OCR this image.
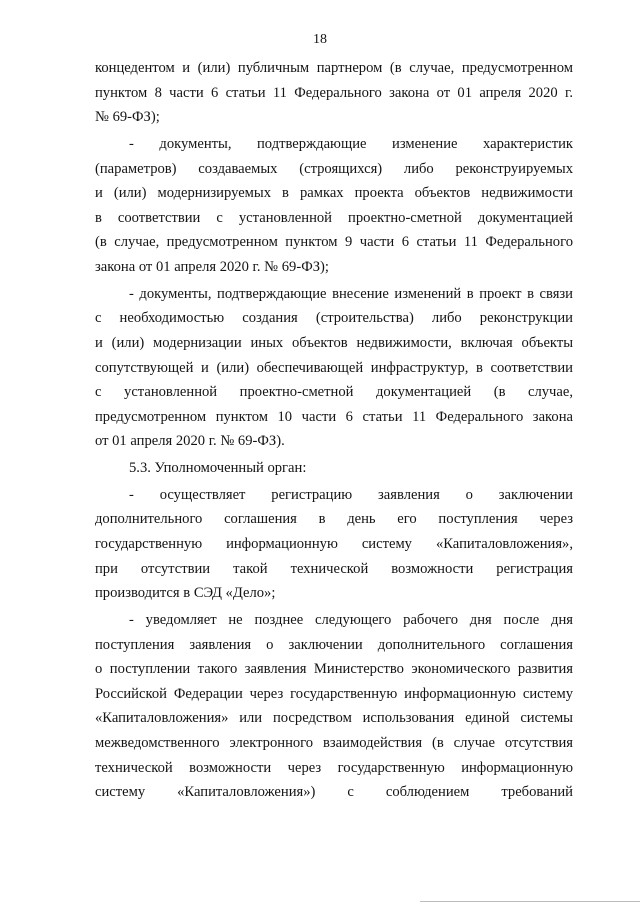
18
концедентом и (или) публичным партнером (в случае, предусмотренном
пунктом 8 части 6 статьи 11 Федерального закона от 01 апреля 2020 г.
№ 69-ФЗ);
- документы, подтверждающие изменение характеристик
(параметров) создаваемых (строящихся) либо реконструируемых
и (или) модернизируемых в рамках проекта объектов недвижимости
в соответствии с установленной проектно-сметной документацией
(в случае, предусмотренном пунктом 9 части 6 статьи 11 Федерального
закона от 01 апреля 2020 г. № 69-ФЗ);
- документы, подтверждающие внесение изменений в проект в связи
с необходимостью создания (строительства) либо реконструкции
и (или) модернизации иных объектов недвижимости, включая объекты
сопутствующей и (или) обеспечивающей инфраструктур, в соответствии
с установленной проектно-сметной документацией (в случае,
предусмотренном пунктом 10 части 6 статьи 11 Федерального закона
от 01 апреля 2020 г. № 69-ФЗ).
5.3. Уполномоченный орган:
- осуществляет регистрацию заявления о заключении
дополнительного соглашения в день его поступления через
государственную информационную систему «Капиталовложения»,
при отсутствии такой технической возможности регистрация
производится в СЭД «Дело»;
- уведомляет не позднее следующего рабочего дня после дня
поступления заявления о заключении дополнительного соглашения
о поступлении такого заявления Министерство экономического развития
Российской Федерации через государственную информационную систему
«Капиталовложения» или посредством использования единой системы
межведомственного электронного взаимодействия (в случае отсутствия
технической возможности через государственную информационную
систему «Капиталовложения») с соблюдением требований
